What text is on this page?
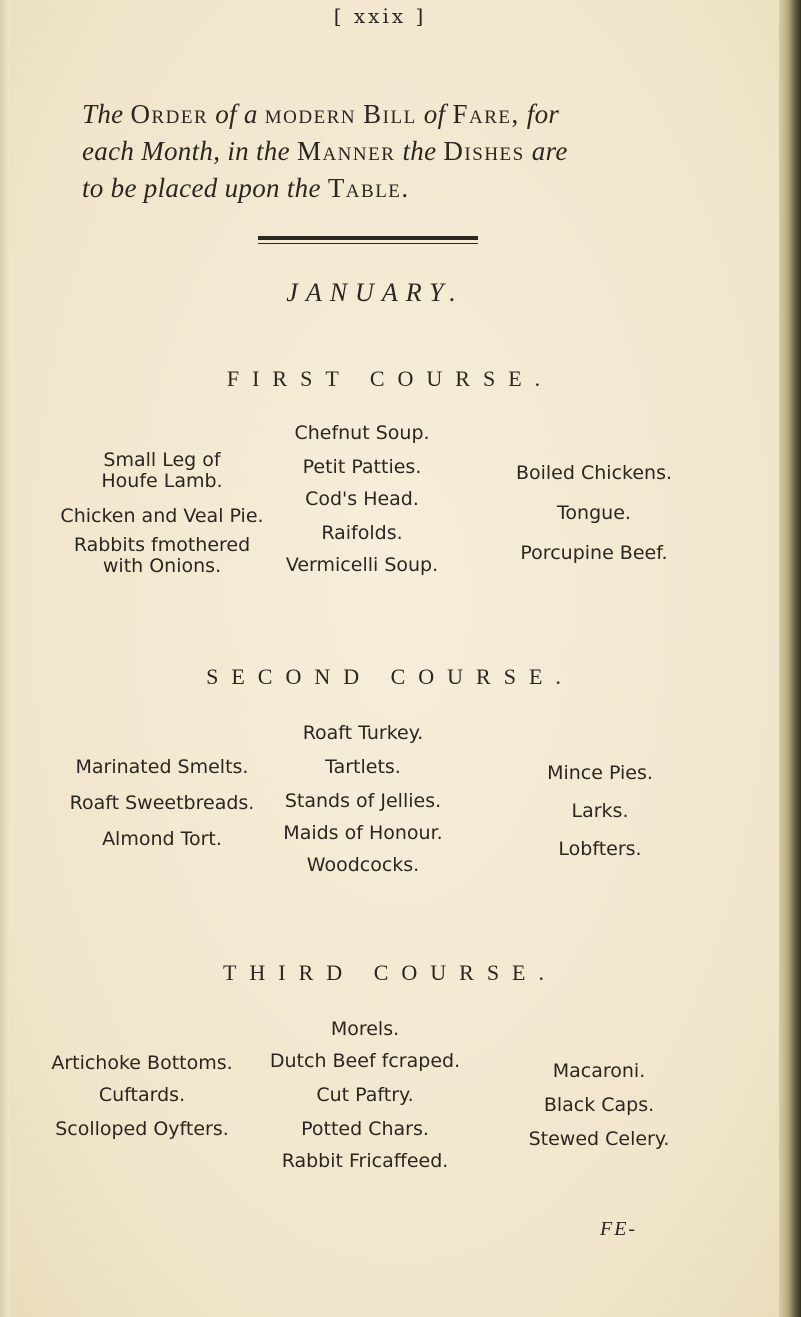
[ xxix ]
The Order of a modern Bill of Fare, for
each Month, in the Manner the Dishes are
to be placed upon the Table.
JANUARY.
FIRST COURSE.
Small Leg of
Houfe Lamb.
Chicken and Veal Pie.
Rabbits fmothered
with Onions.
Chefnut Soup.
Petit Patties.
Cod's Head.
Raifolds.
Vermicelli Soup.
Boiled Chickens.
Tongue.
Porcupine Beef.
SECOND COURSE.
Marinated Smelts.
Roaft Sweetbreads.
Almond Tort.
Roaft Turkey.
Tartlets.
Stands of Jellies.
Maids of Honour.
Woodcocks.
Mince Pies.
Larks.
Lobfters.
THIRD COURSE.
Artichoke Bottoms.
Cuftards.
Scolloped Oyfters.
Morels.
Dutch Beef fcraped.
Cut Paftry.
Potted Chars.
Rabbit Fricaffeed.
Macaroni.
Black Caps.
Stewed Celery.
FE-
